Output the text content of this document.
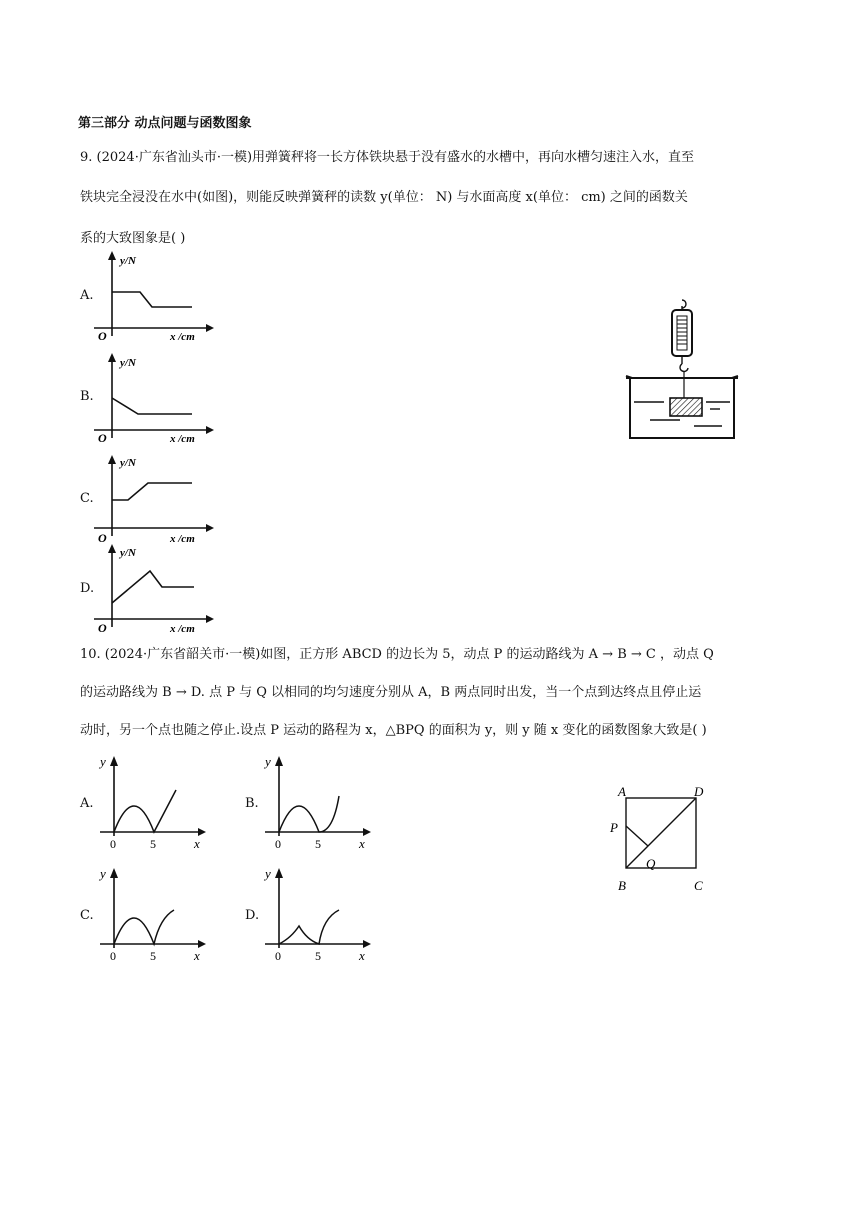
第三部分 动点问题与函数图象
9. (2024·广东省汕头市·一模)用弹簧秤将一长方体铁块悬于没有盛水的水槽中，再向水槽匀速注入水，直至
铁块完全浸没在水中(如图)，则能反映弹簧秤的读数 y(单位： N) 与水面高度 x(单位： cm) 之间的函数关
系的大致图象是( )
A.
B.
C.
D.
y/N
O	x /cm
y/N
O	x /cm
y/N
O	x /cm
y/N
O	x /cm
10. (2024·广东省韶关市·一模)如图，正方形 ABCD 的边长为 5，动点 P 的运动路线为 A → B → C ，动点 Q
的运动路线为 B → D. 点 P 与 Q 以相同的均匀速度分别从 A，B 两点同时出发，当一个点到达终点且停止运
动时，另一个点也随之停止.设点 P 运动的路程为 x，△BPQ 的面积为 y，则 y 随 x 变化的函数图象大致是( )
A.	B.
C.	D.
y
0	5	x
y
0	5	x
y
0	5	x
y
0	5	x
A	D
B	C
P
Q
